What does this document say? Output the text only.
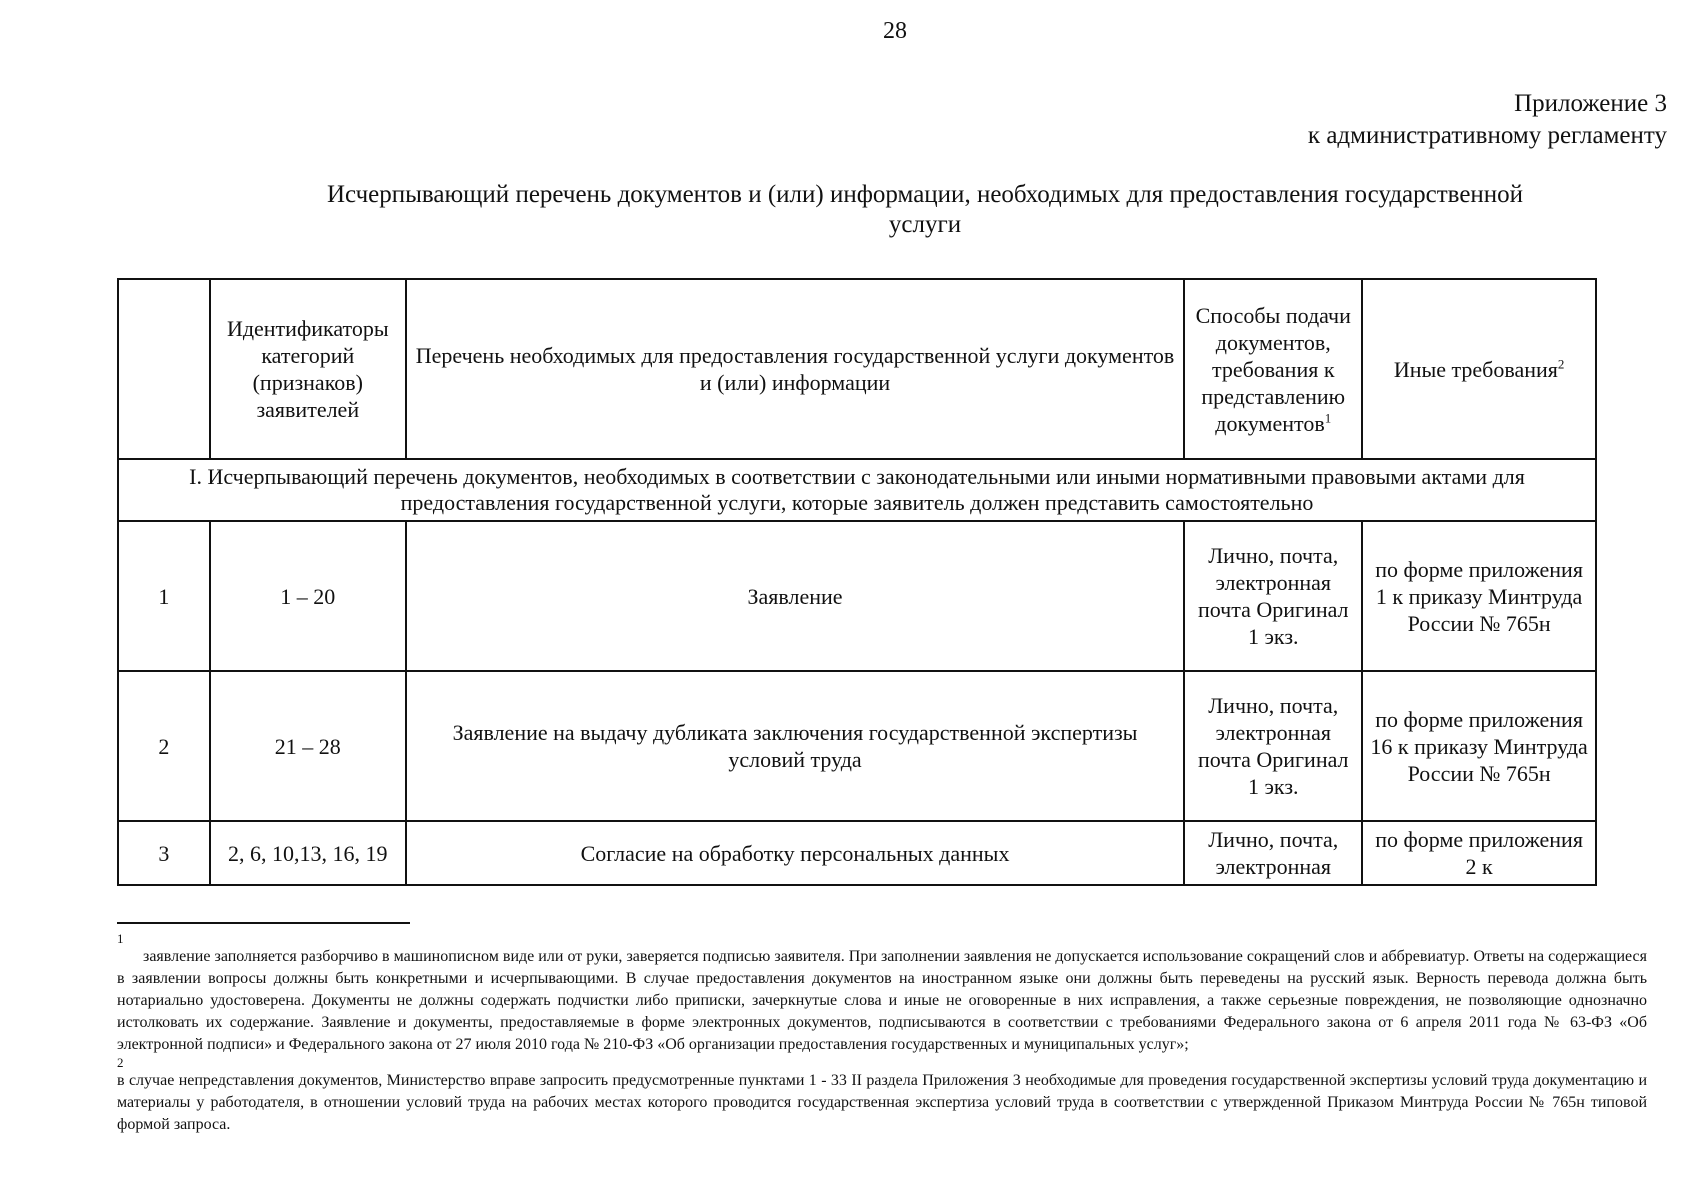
28
Приложение 3
к административному регламенту
Исчерпывающий перечень документов и (или) информации, необходимых для предоставления государственной
услуги
	Идентификаторы категорий (признаков) заявителей	Перечень необходимых для предоставления государственной услуги документов и (или) информации	Способы подачи документов, требования к представлению документов$^1$	Иные требования$^2$
I. Исчерпывающий перечень документов, необходимых в соответствии с законодательными или иными нормативными правовыми актами для предоставления государственной услуги, которые заявитель должен представить самостоятельно				
1	1 – 20	Заявление	Лично, почта, электронная почта Оригинал 1 экз.	по форме приложения 1 к приказу Минтруда России № 765н
2	21 – 28	Заявление на выдачу дубликата заключения государственной экспертизы условий труда	Лично, почта, электронная почта Оригинал 1 экз.	по форме приложения 16 к приказу Минтруда России № 765н
3	2, 6, 10,13, 16, 19	Согласие на обработку персональных данных	Лично, почта, электронная	по форме приложения 2 к
1

заявление заполняется разборчиво в машинописном виде или от руки, заверяется подписью заявителя. При заполнении заявления не допускается использование сокращений слов и аббревиатур. Ответы на содержащиеся в заявлении вопросы должны быть конкретными и исчерпывающими. В случае предоставления документов на иностранном языке они должны быть переведены на русский язык. Верность перевода должна быть нотариально удостоверена. Документы не должны содержать подчистки либо приписки, зачеркнутые слова и иные не оговоренные в них исправления, а также серьезные повреждения, не позволяющие однозначно истолковать их содержание. Заявление и документы, предоставляемые в форме электронных документов, подписываются в соответствии с требованиями Федерального закона от 6 апреля 2011 года № 63-ФЗ «Об электронной подписи» и Федерального закона от 27 июля 2010 года № 210-ФЗ «Об организации предоставления государственных и муниципальных услуг»;

2

в случае непредставления документов, Министерство вправе запросить предусмотренные пунктами 1 - 33 II раздела Приложения 3 необходимые для проведения государственной экспертизы условий труда документацию и материалы у работодателя, в отношении условий труда на рабочих местах которого проводится государственная экспертиза условий труда в соответствии с утвержденной Приказом Минтруда России № 765н типовой формой запроса.
